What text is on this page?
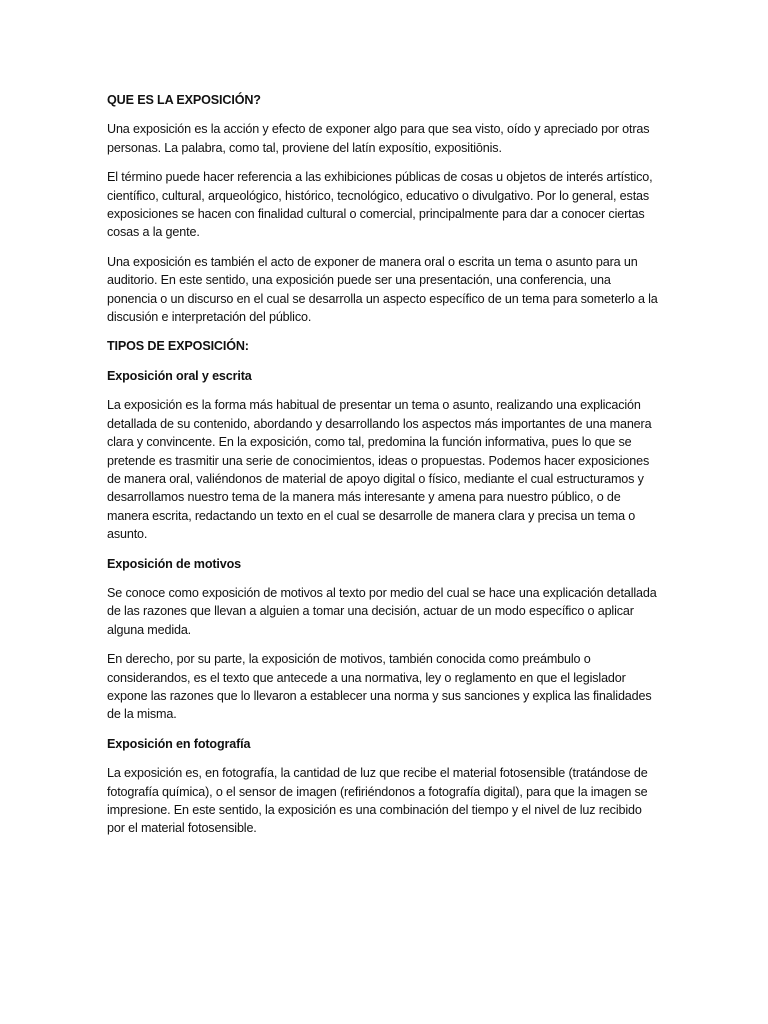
QUE ES LA EXPOSICIÓN?

Una exposición es la acción y efecto de exponer algo para que sea visto, oído y apreciado por otras personas. La palabra, como tal, proviene del latín exposítio, expositiōnis.

El término puede hacer referencia a las exhibiciones públicas de cosas u objetos de interés artístico, científico, cultural, arqueológico, histórico, tecnológico, educativo o divulgativo. Por lo general, estas exposiciones se hacen con finalidad cultural o comercial, principalmente para dar a conocer ciertas cosas a la gente.

Una exposición es también el acto de exponer de manera oral o escrita un tema o asunto para un auditorio. En este sentido, una exposición puede ser una presentación, una conferencia, una ponencia o un discurso en el cual se desarrolla un aspecto específico de un tema para someterlo a la discusión e interpretación del público.

TIPOS DE EXPOSICIÓN:

Exposición oral y escrita

La exposición es la forma más habitual de presentar un tema o asunto, realizando una explicación detallada de su contenido, abordando y desarrollando los aspectos más importantes de una manera clara y convincente. En la exposición, como tal, predomina la función informativa, pues lo que se pretende es trasmitir una serie de conocimientos, ideas o propuestas. Podemos hacer exposiciones de manera oral, valiéndonos de material de apoyo digital o físico, mediante el cual estructuramos y desarrollamos nuestro tema de la manera más interesante y amena para nuestro público, o de manera escrita, redactando un texto en el cual se desarrolle de manera clara y precisa un tema o asunto.

Exposición de motivos

Se conoce como exposición de motivos al texto por medio del cual se hace una explicación detallada de las razones que llevan a alguien a tomar una decisión, actuar de un modo específico o aplicar alguna medida.

En derecho, por su parte, la exposición de motivos, también conocida como preámbulo o considerandos, es el texto que antecede a una normativa, ley o reglamento en que el legislador expone las razones que lo llevaron a establecer una norma y sus sanciones y explica las finalidades de la misma.

Exposición en fotografía

La exposición es, en fotografía, la cantidad de luz que recibe el material fotosensible (tratándose de fotografía química), o el sensor de imagen (refiriéndonos a fotografía digital), para que la imagen se impresione. En este sentido, la exposición es una combinación del tiempo y el nivel de luz recibido por el material fotosensible.
